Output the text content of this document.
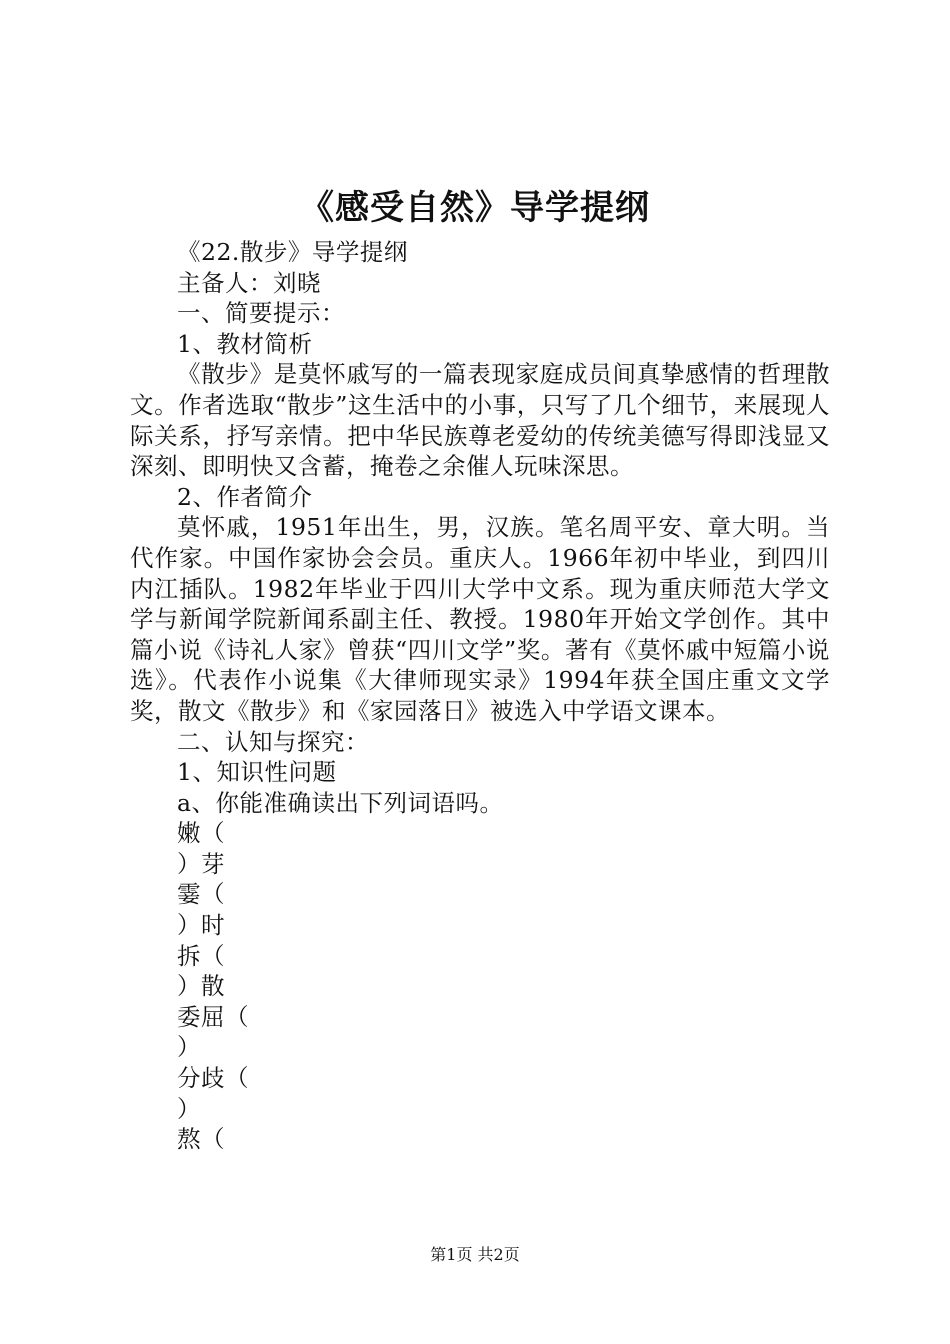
《感受自然》导学提纲

《22.散步》导学提纲

主备人：刘晓

一、简要提示：

1、教材简析

《散步》是莫怀戚写的一篇表现家庭成员间真挚感情的哲理散文。作者选取“散步”这生活中的小事，只写了几个细节，来展现人际关系，抒写亲情。把中华民族尊老爱幼的传统美德写得即浅显又深刻、即明快又含蓄，掩卷之余催人玩味深思。

2、作者简介

莫怀戚，1951年出生，男，汉族。笔名周平安、章大明。当代作家。中国作家协会会员。重庆人。1966年初中毕业，到四川内江插队。1982年毕业于四川大学中文系。现为重庆师范大学文学与新闻学院新闻系副主任、教授。1980年开始文学创作。其中篇小说《诗礼人家》曾获“四川文学”奖。著有《莫怀戚中短篇小说选》。代表作小说集《大律师现实录》1994年获全国庄重文文学奖，散文《散步》和《家园落日》被选入中学语文课本。

二、认知与探究：

1、知识性问题

a、你能准确读出下列词语吗。

嫩（

）芽

霎（

）时

拆（

）散

委屈（

）

分歧（

）

熬（

第1页 共2页
